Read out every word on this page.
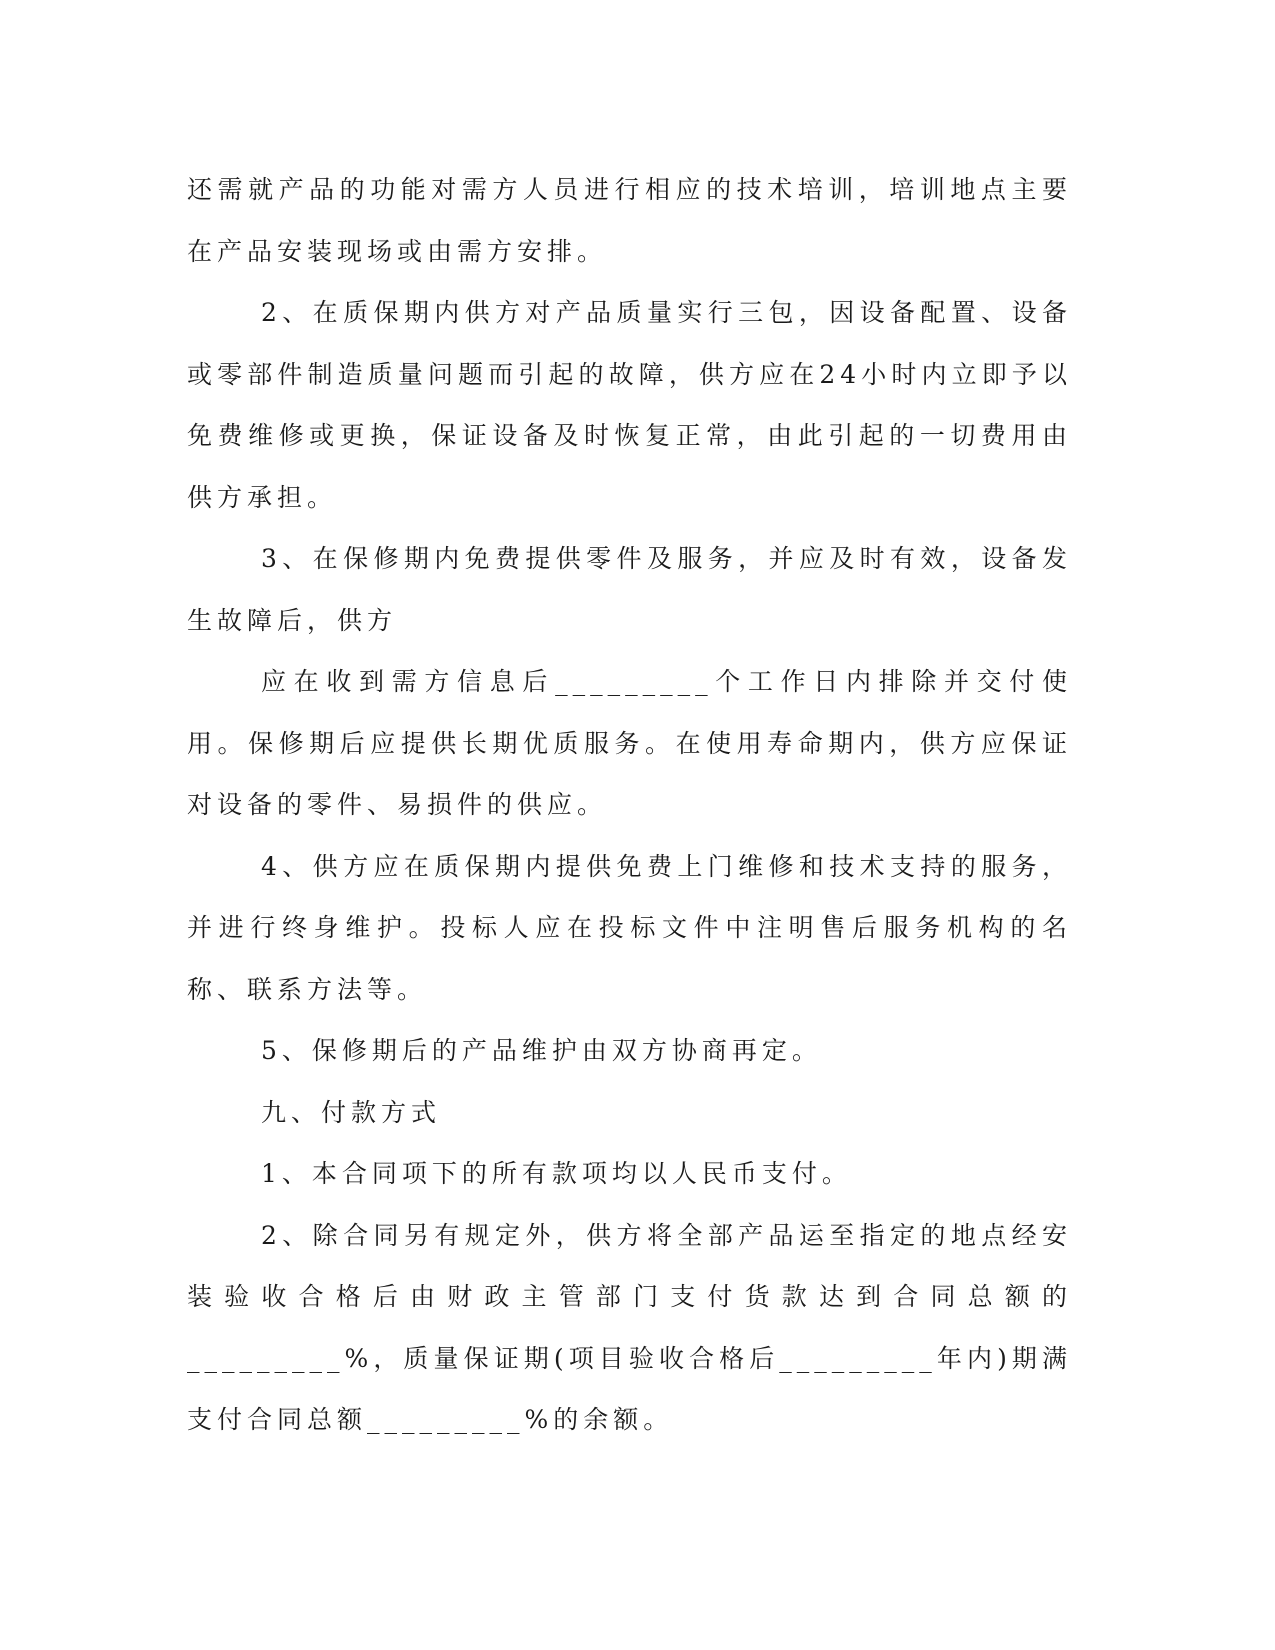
还需就产品的功能对需方人员进行相应的技术培训，培训地点主要在产品安装现场或由需方安排。

2、在质保期内供方对产品质量实行三包，因设备配置、设备或零部件制造质量问题而引起的故障，供方应在24小时内立即予以免费维修或更换，保证设备及时恢复正常，由此引起的一切费用由供方承担。

3、在保修期内免费提供零件及服务，并应及时有效，设备发生故障后，供方

应在收到需方信息后_________个工作日内排除并交付使用。保修期后应提供长期优质服务。在使用寿命期内，供方应保证对设备的零件、易损件的供应。

4、供方应在质保期内提供免费上门维修和技术支持的服务，并进行终身维护。投标人应在投标文件中注明售后服务机构的名称、联系方法等。

5、保修期后的产品维护由双方协商再定。

九、付款方式

1、本合同项下的所有款项均以人民币支付。

2、除合同另有规定外，供方将全部产品运至指定的地点经安装验收合格后由财政主管部门支付货款达到合同总额的_________%，质量保证期(项目验收合格后_________年内)期满支付合同总额_________%的余额。
